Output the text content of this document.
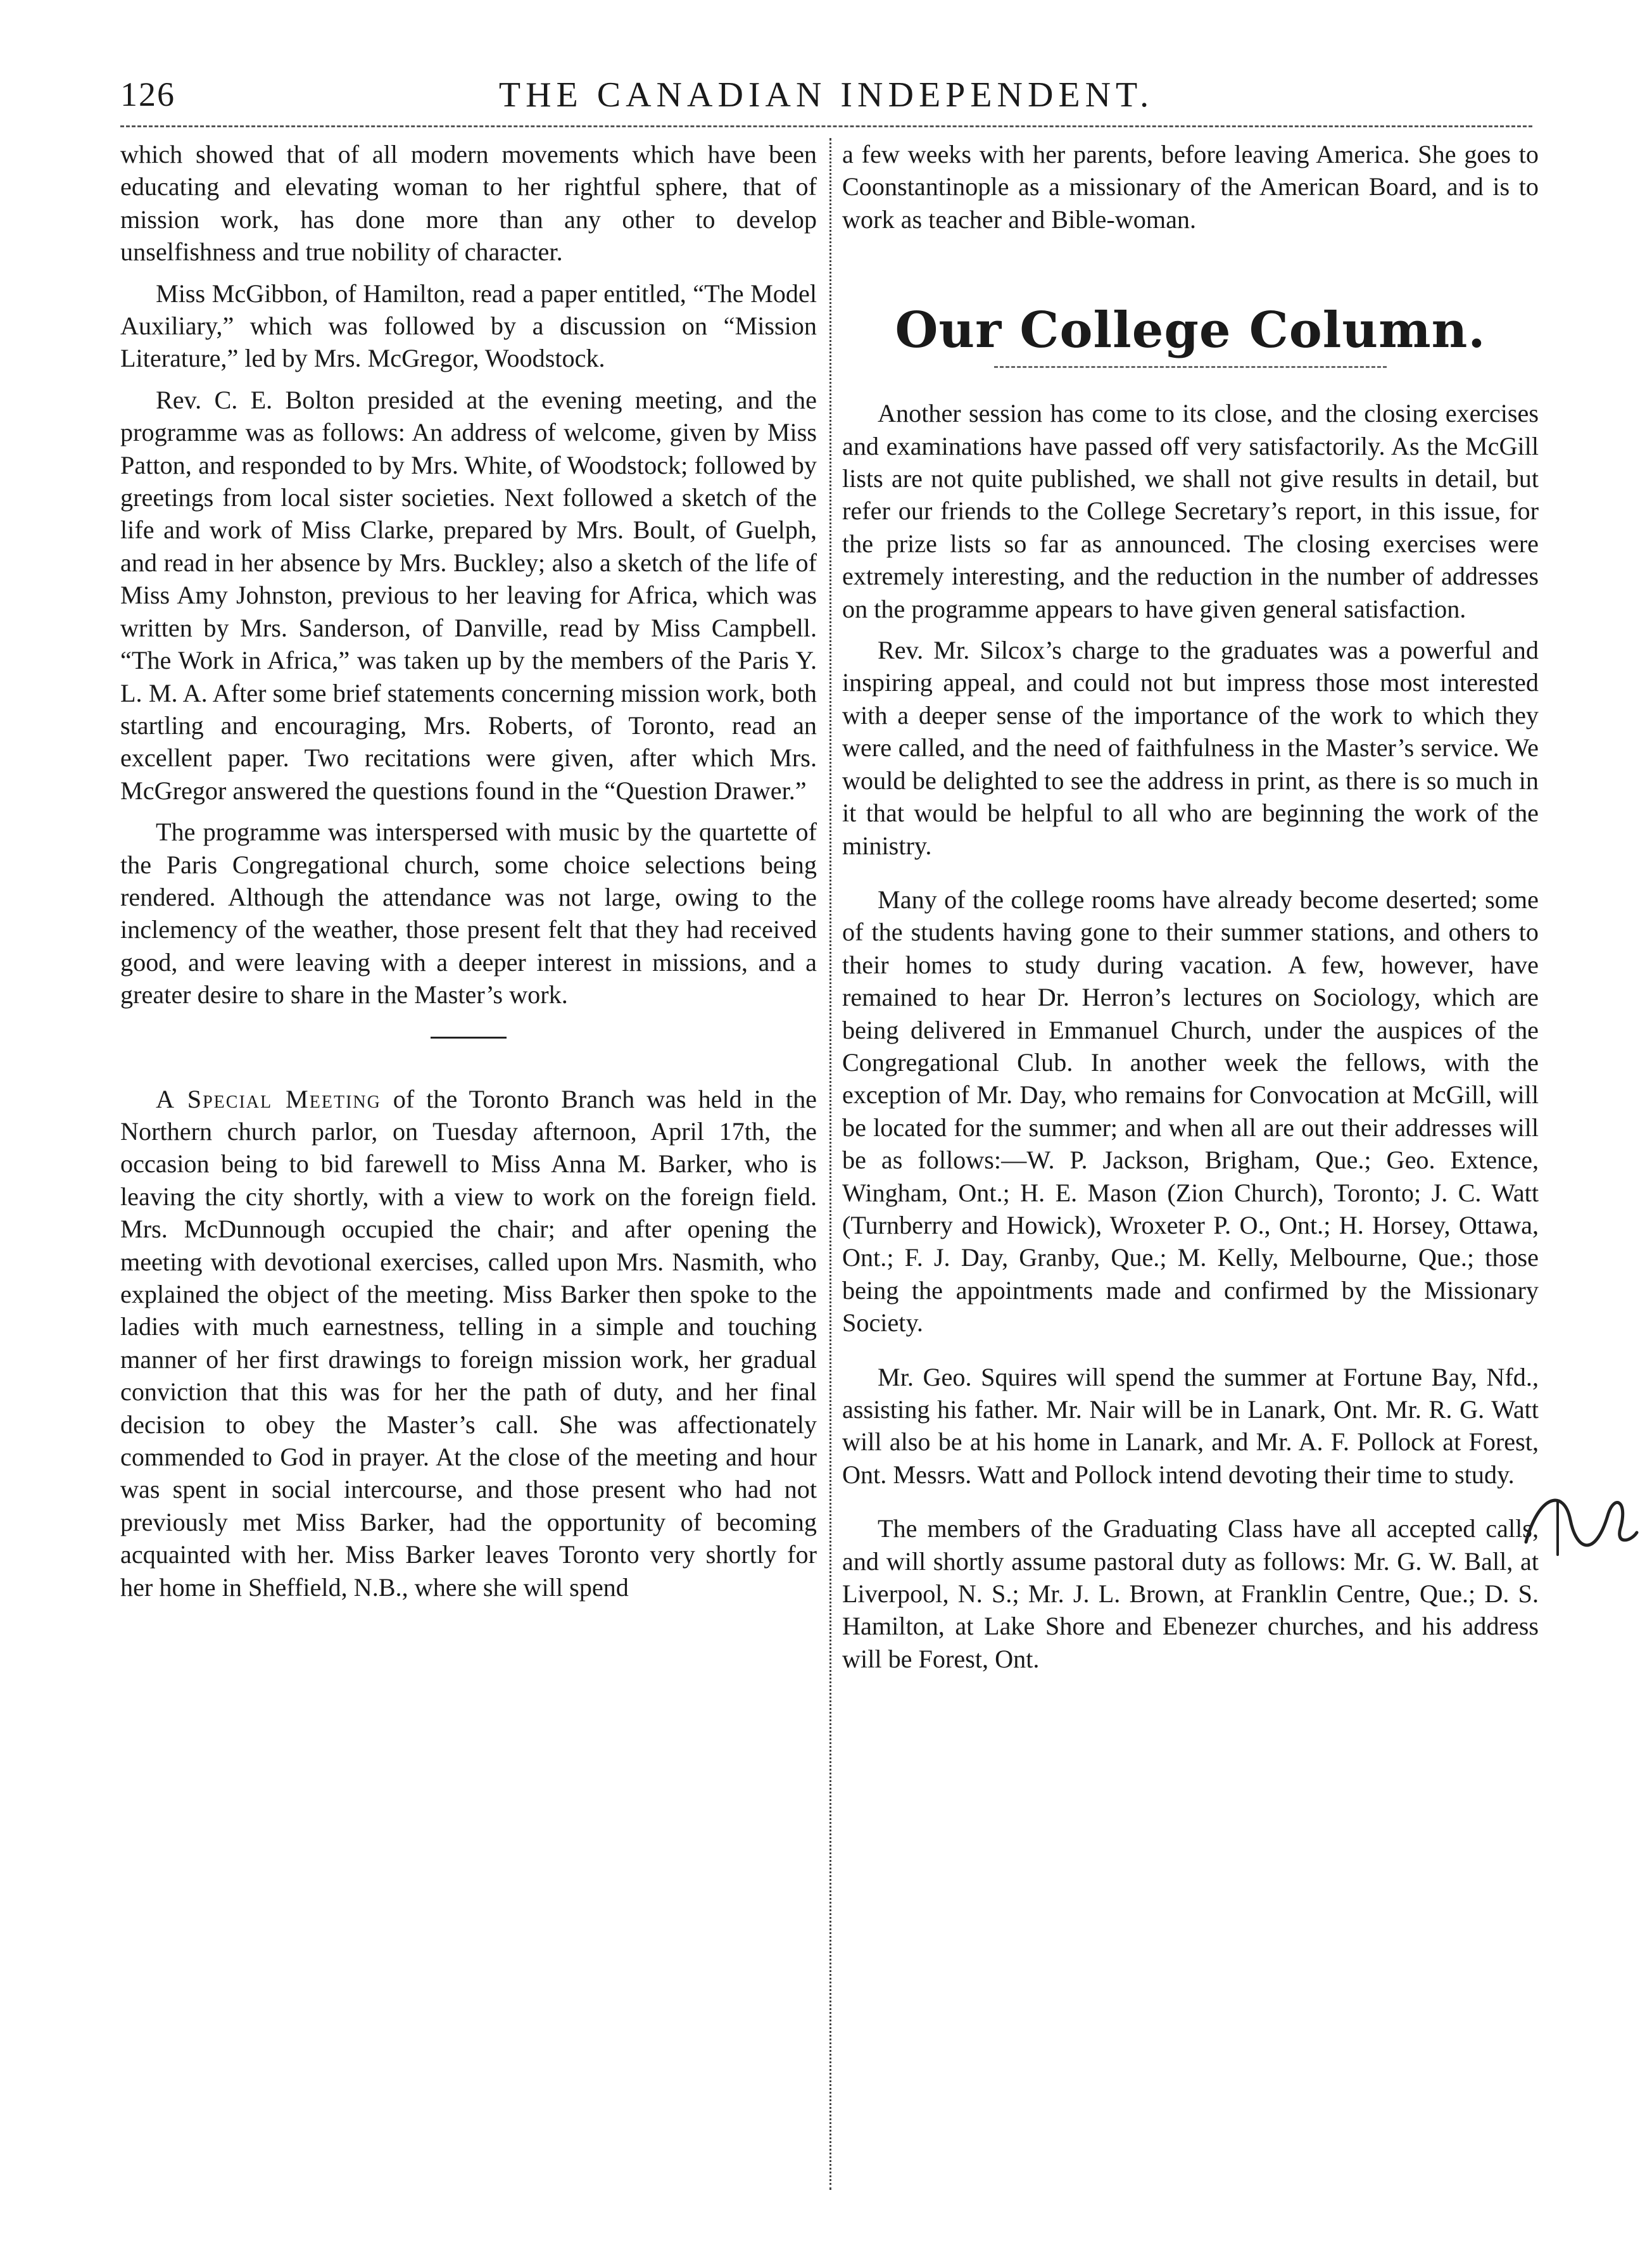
126	THE CANADIAN INDEPENDENT.

which showed that of all modern movements which have been educating and elevating woman to her rightful sphere, that of mission work, has done more than any other to develop unselfishness and true nobility of character.

Miss McGibbon, of Hamilton, read a paper entitled, “The Model Auxiliary,” which was followed by a discussion on “Mission Literature,” led by Mrs. McGregor, Woodstock.

Rev. C. E. Bolton presided at the evening meeting, and the programme was as follows: An address of welcome, given by Miss Patton, and responded to by Mrs. White, of Woodstock; followed by greetings from local sister societies. Next followed a sketch of the life and work of Miss Clarke, prepared by Mrs. Boult, of Guelph, and read in her absence by Mrs. Buckley; also a sketch of the life of Miss Amy Johnston, previous to her leaving for Africa, which was written by Mrs. Sanderson, of Danville, read by Miss Campbell. “The Work in Africa,” was taken up by the members of the Paris Y. L. M. A. After some brief statements concerning mission work, both startling and encouraging, Mrs. Roberts, of Toronto, read an excellent paper. Two recitations were given, after which Mrs. McGregor answered the questions found in the “Question Drawer.”

The programme was interspersed with music by the quartette of the Paris Congregational church, some choice selections being rendered. Although the attendance was not large, owing to the inclemency of the weather, those present felt that they had received good, and were leaving with a deeper interest in missions, and a greater desire to share in the Master’s work.

A Special Meeting of the Toronto Branch was held in the Northern church parlor, on Tuesday afternoon, April 17th, the occasion being to bid farewell to Miss Anna M. Barker, who is leaving the city shortly, with a view to work on the foreign field. Mrs. McDunnough occupied the chair; and after opening the meeting with devotional exercises, called upon Mrs. Nasmith, who explained the object of the meeting. Miss Barker then spoke to the ladies with much earnestness, telling in a simple and touching manner of her first drawings to foreign mission work, her gradual conviction that this was for her the path of duty, and her final decision to obey the Master’s call. She was affectionately commended to God in prayer. At the close of the meeting and hour was spent in social intercourse, and those present who had not previously met Miss Barker, had the opportunity of becoming acquainted with her. Miss Barker leaves Toronto very shortly for her home in Sheffield, N.B., where she will spend

a few weeks with her parents, before leaving America. She goes to Coonstantinople as a missionary of the American Board, and is to work as teacher and Bible-woman.

Our College Column.

Another session has come to its close, and the closing exercises and examinations have passed off very satisfactorily. As the McGill lists are not quite published, we shall not give results in detail, but refer our friends to the College Secretary’s report, in this issue, for the prize lists so far as announced. The closing exercises were extremely interesting, and the reduction in the number of addresses on the programme appears to have given general satisfaction.

Rev. Mr. Silcox’s charge to the graduates was a powerful and inspiring appeal, and could not but impress those most interested with a deeper sense of the importance of the work to which they were called, and the need of faithfulness in the Master’s service. We would be delighted to see the address in print, as there is so much in it that would be helpful to all who are beginning the work of the ministry.

Many of the college rooms have already become deserted; some of the students having gone to their summer stations, and others to their homes to study during vacation. A few, however, have remained to hear Dr. Herron’s lectures on Sociology, which are being delivered in Emmanuel Church, under the auspices of the Congregational Club. In another week the fellows, with the exception of Mr. Day, who remains for Convocation at McGill, will be located for the summer; and when all are out their addresses will be as follows:—W. P. Jackson, Brigham, Que.; Geo. Extence, Wingham, Ont.; H. E. Mason (Zion Church), Toronto; J. C. Watt (Turnberry and Howick), Wroxeter P. O., Ont.; H. Horsey, Ottawa, Ont.; F. J. Day, Granby, Que.; M. Kelly, Melbourne, Que.; those being the appointments made and confirmed by the Missionary Society.

Mr. Geo. Squires will spend the summer at Fortune Bay, Nfd., assisting his father. Mr. Nair will be in Lanark, Ont. Mr. R. G. Watt will also be at his home in Lanark, and Mr. A. F. Pollock at Forest, Ont. Messrs. Watt and Pollock intend devoting their time to study.

The members of the Graduating Class have all accepted calls, and will shortly assume pastoral duty as follows: Mr. G. W. Ball, at Liverpool, N. S.; Mr. J. L. Brown, at Franklin Centre, Que.; D. S. Hamilton, at Lake Shore and Ebenezer churches, and his address will be Forest, Ont.
